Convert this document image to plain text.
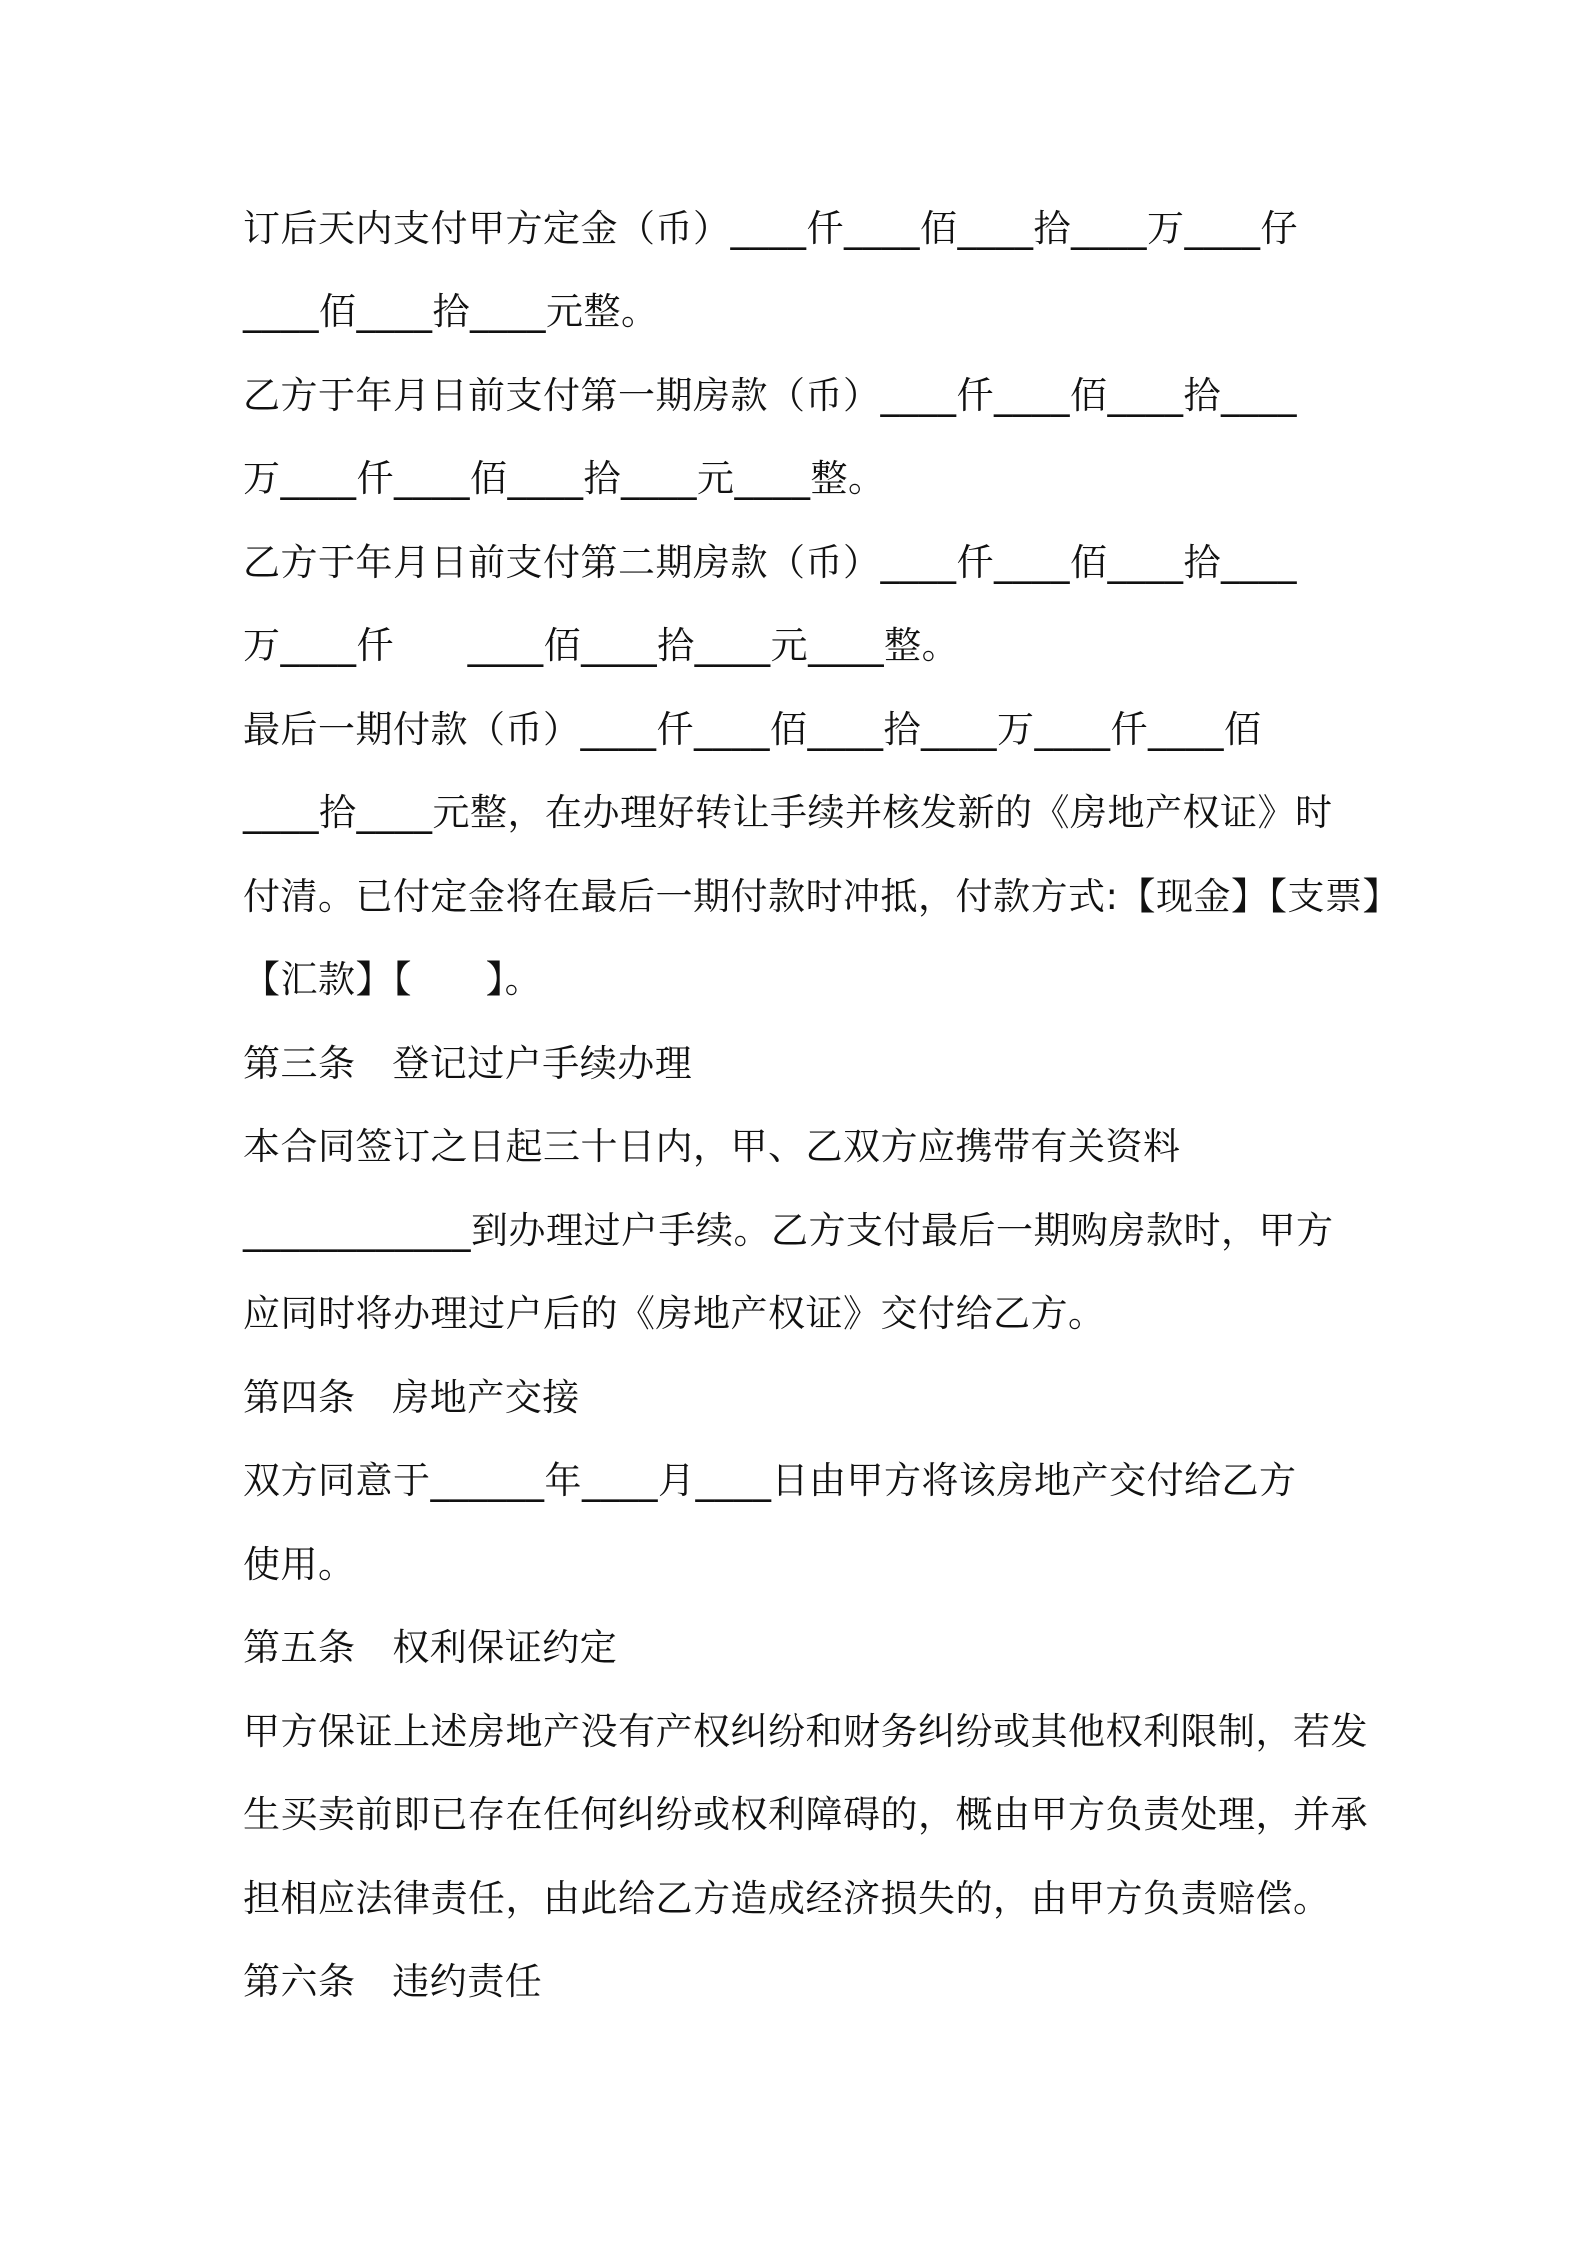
订后天内支付甲方定金（币）____仟____佰____拾____万____仔
____佰____拾____元整。
乙方于年月日前支付第一期房款（币）____仟____佰____拾____
万____仟____佰____拾____元____整。
乙方于年月日前支付第二期房款（币）____仟____佰____拾____
万____仟      ____佰____拾____元____整。
最后一期付款（币）____仟____佰____拾____万____仟____佰
____拾____元整，在办理好转让手续并核发新的《房地产权证》时
付清。已付定金将在最后一期付款时冲抵，付款方式:【现金】【支票】
【汇款】【      】。
第三条   登记过户手续办理
本合同签订之日起三十日内，甲、乙双方应携带有关资料
____________到办理过户手续。乙方支付最后一期购房款时，甲方
应同时将办理过户后的《房地产权证》交付给乙方。
第四条   房地产交接
双方同意于______年____月____日由甲方将该房地产交付给乙方
使用。
第五条   权利保证约定
甲方保证上述房地产没有产权纠纷和财务纠纷或其他权利限制，若发
生买卖前即已存在任何纠纷或权利障碍的，概由甲方负责处理，并承
担相应法律责任，由此给乙方造成经济损失的，由甲方负责赔偿。
第六条   违约责任
